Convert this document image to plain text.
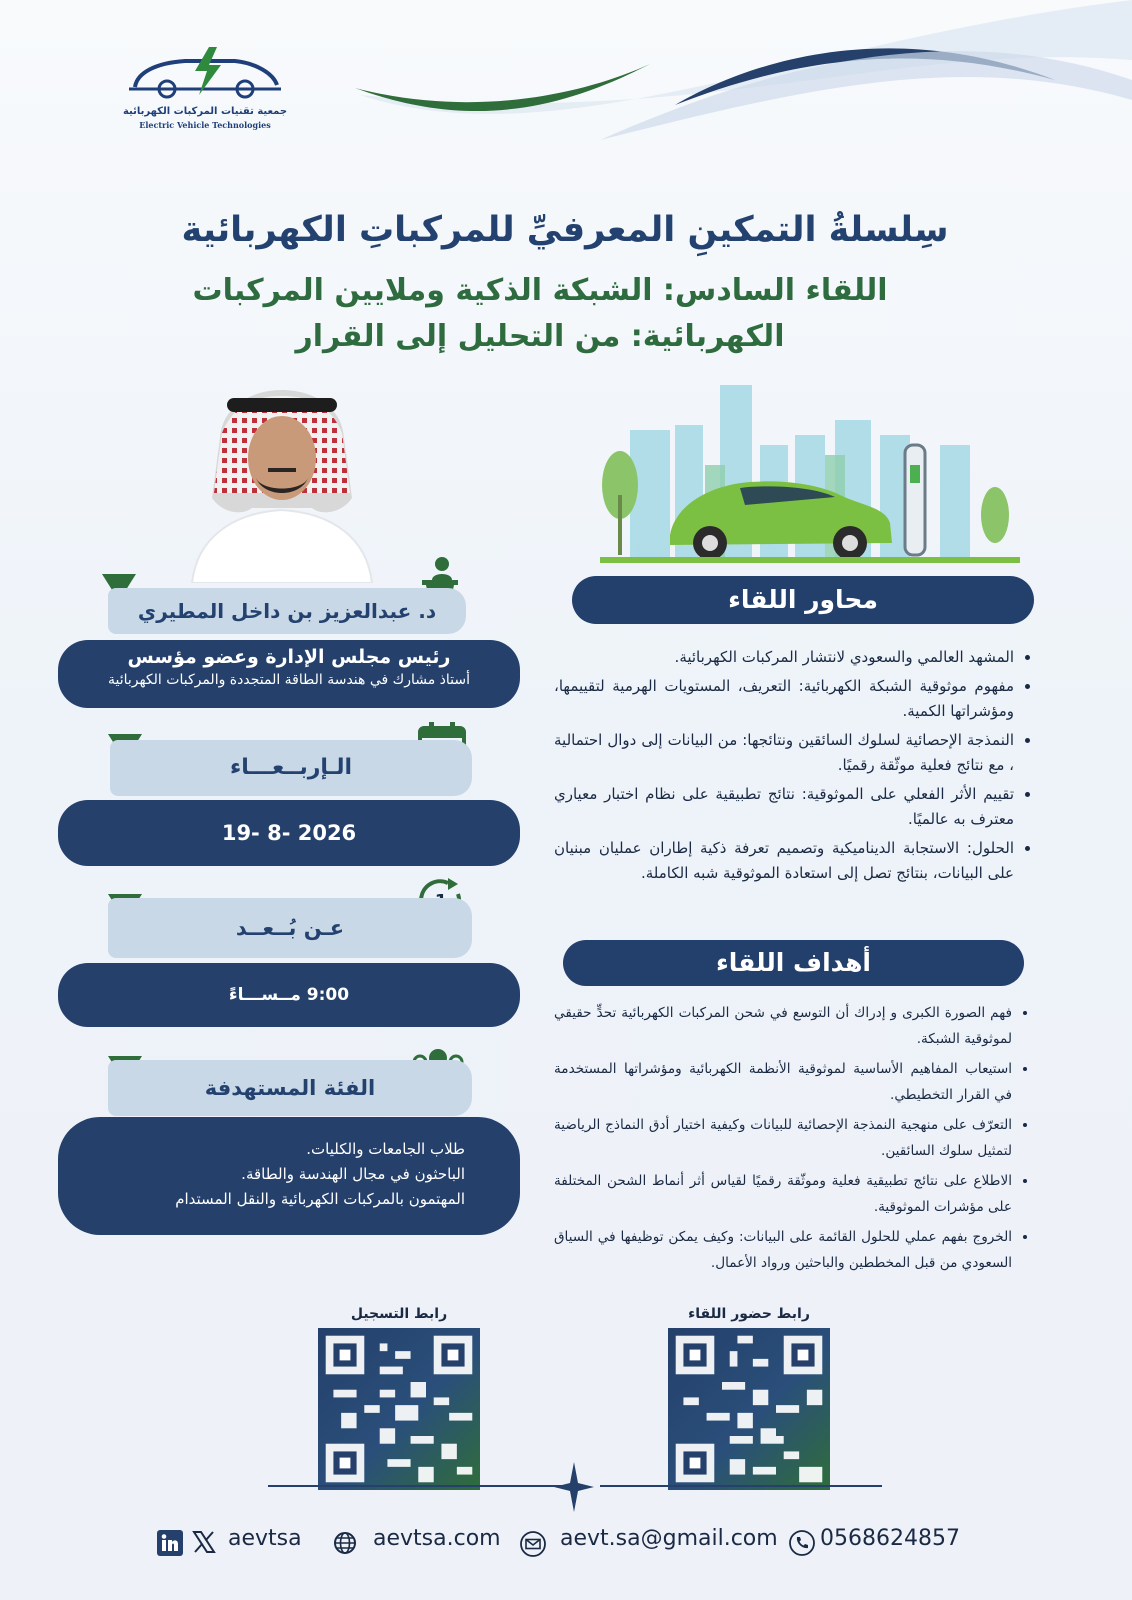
جمعية تقنيات المركبات الكهربائية
Electric Vehicle Technologies
سِلسلةُ التمكينِ المعرفيِّ للمركباتِ الكهربائية
اللقاء السادس: الشبكة الذكية وملايين المركبات
الكهربائية: من التحليل إلى القرار
محاور اللقاء
• المشهد العالمي والسعودي لانتشار المركبات الكهربائية.
• مفهوم موثوقية الشبكة الكهربائية: التعريف، المستويات الهرمية لتقييمها، ومؤشراتها الكمية.
• النمذجة الإحصائية لسلوك السائقين ونتائجها: من البيانات إلى دوال احتمالية ، مع نتائج فعلية موثّقة رقميًا.
• تقييم الأثر الفعلي على الموثوقية: نتائج تطبيقية على نظام اختبار معياري معترف به عالميًا.
• الحلول: الاستجابة الديناميكية وتصميم تعرفة ذكية إطاران عمليان مبنيان على البيانات، بنتائج تصل إلى استعادة الموثوقية شبه الكاملة.
أهداف اللقاء
• فهم الصورة الكبرى و إدراك أن التوسع في شحن المركبات الكهربائية تحدٍّ حقيقي لموثوقية الشبكة.
• استيعاب المفاهيم الأساسية لموثوقية الأنظمة الكهربائية ومؤشراتها المستخدمة في القرار التخطيطي.
• التعرّف على منهجية النمذجة الإحصائية للبيانات وكيفية اختيار أدق النماذج الرياضية لتمثيل سلوك السائقين.
• الاطلاع على نتائج تطبيقية فعلية وموثّقة رقميًا لقياس أثر أنماط الشحن المختلفة على مؤشرات الموثوقية.
• الخروج بفهم عملي للحلول القائمة على البيانات: وكيف يمكن توظيفها في السياق السعودي من قبل المخططين والباحثين ورواد الأعمال.
د. عبدالعزيز بن داخل المطيري
رئيس مجلس الإدارة وعضو مؤسس
أستاذ مشارك في هندسة الطاقة المتجددة والمركبات الكهربائية
الـإربــعـــاء
19- 8- 2026
عـن بُــعــد
9:00 مــســـاءً
الفئة المستهدفة
طلاب الجامعات والكليات.
الباحثون في مجال الهندسة والطاقة.
المهتمون بالمركبات الكهربائية والنقل المستدام
رابط التسجيل	رابط حضور اللقاء
aevtsa	aevtsa.com	aevt.sa@gmail.com 0568624857
